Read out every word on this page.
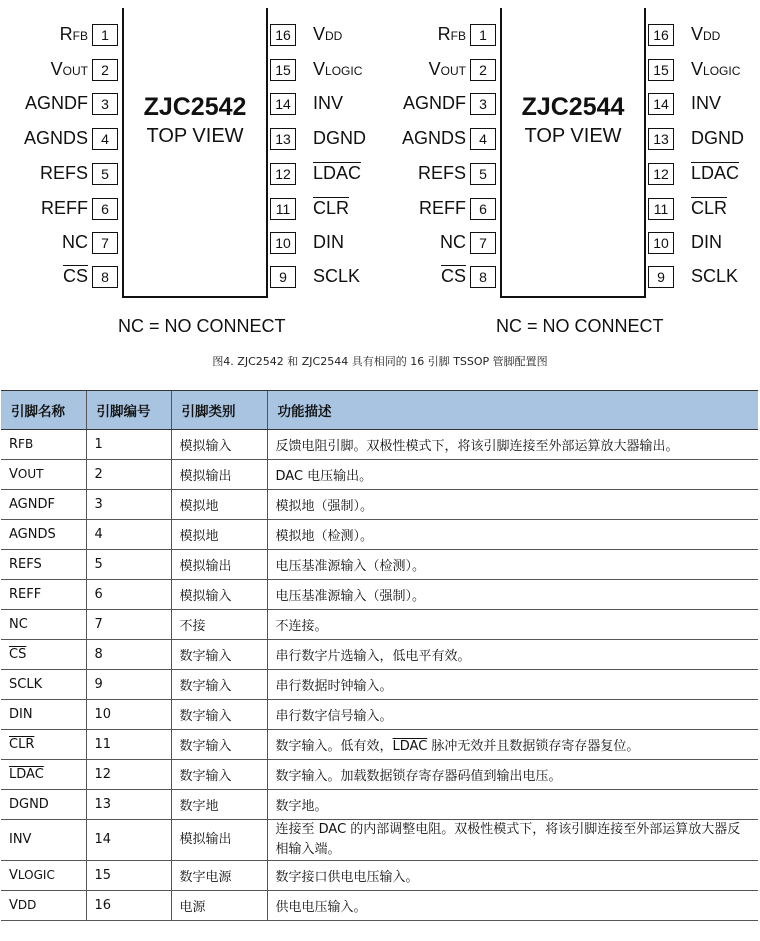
ZJC2542
TOP VIEW
1
RFB
2
VOUT
3
AGNDF
4
AGNDS
5
REFS
6
REFF
7
NC
8
$\overline{CS}$
16 VDD
15 VLOGIC
14 INV
13 DGND
12 LDAC
11	$\overline{CLR}$
10 DIN
9	SCLK
NC = NO CONNECT
ZJC2544
TOP VIEW
1
RFB
2
VOUT
3
AGNDF
4
AGNDS
5
REFS
6
REFF
7
NC
8
$\overline{CS}$
16 VDD
15 VLOGIC
14 INV
13 DGND
12 LDAC
11	$\overline{CLR}$
10 DIN
9	SCLK
NC = NO CONNECT
图4. ZJC2542 和 ZJC2544 具有相同的 16 引脚 TSSOP 管脚配置图
引脚名称	引脚编号	引脚类别	功能描述
RFB	1	模拟输入	反馈电阻引脚。双极性模式下，将该引脚连接至外部运算放大器输出。
VOUT	2	模拟输出	DAC 电压输出。
AGNDF	3	模拟地	模拟地（强制）。
AGNDS	4	模拟地	模拟地（检测）。
REFS	5	模拟输出	电压基准源输入（检测）。
REFF	6	模拟输入	电压基准源输入（强制）。
NC	7	不接	不连接。
$\overline{CS}$	8	数字输入	串行数字片选输入，低电平有效。
SCLK	9	数字输入	串行数据时钟输入。
DIN	10	数字输入	串行数字信号输入。
$\overline{CLR}$	11	数字输入	数字输入。低有效，LDAC 脉冲无效并且数据锁存寄存器复位。
LDAC	12	数字输入	数字输入。加载数据锁存寄存器码值到输出电压。
DGND	13	数字地	数字地。
INV	14	模拟输出	连接至 DAC 的内部调整电阻。双极性模式下，将该引脚连接至外部运算放大器反相输入端。
VLOGIC	15	数字电源	数字接口供电电压输入。
VDD	16	电源	供电电压输入。
